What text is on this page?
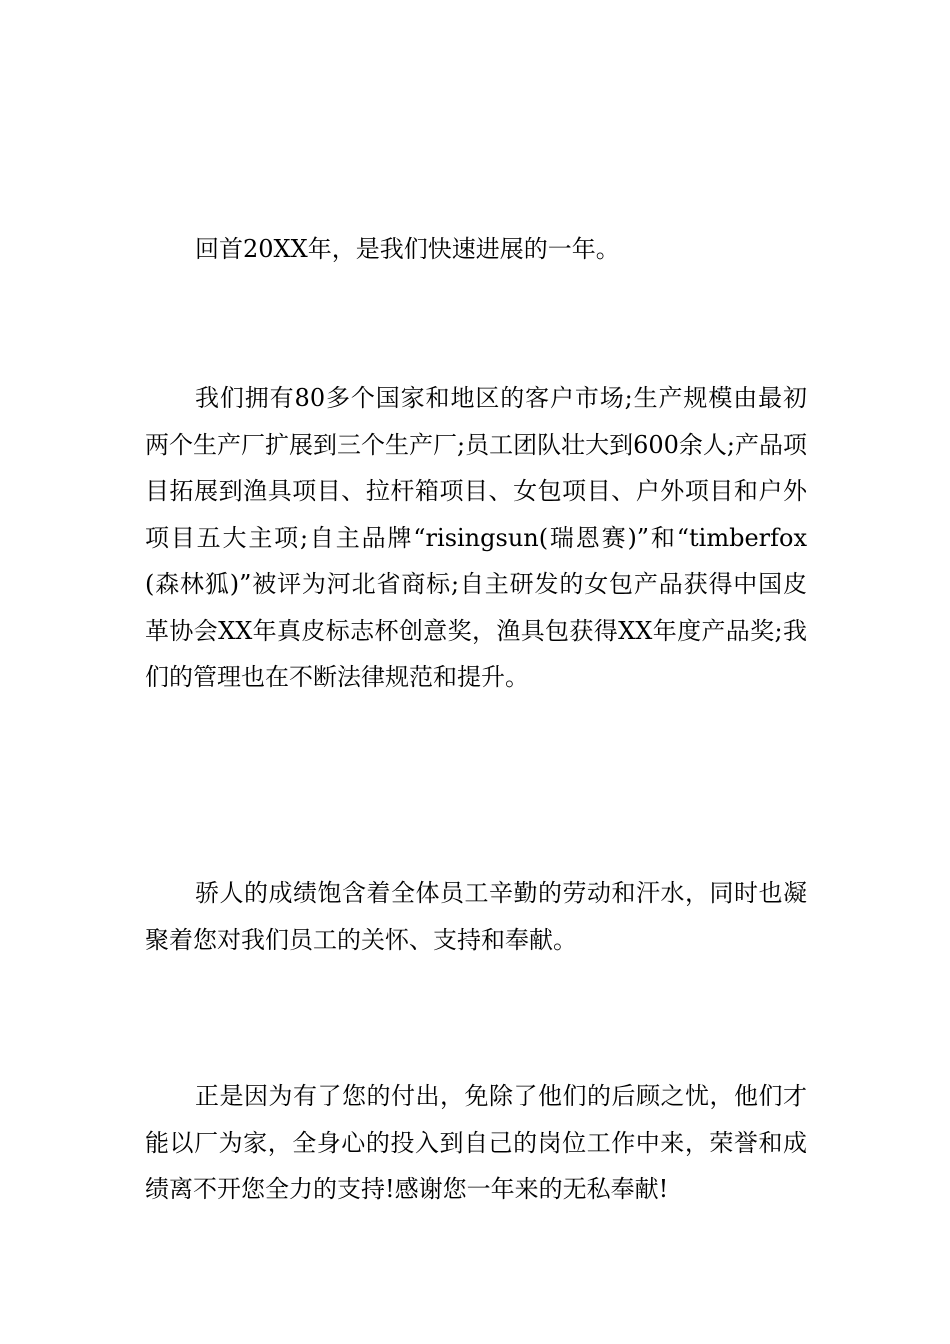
回首20XX年，是我们快速进展的一年。

我们拥有80多个国家和地区的客户市场;生产规模由最初两个生产厂扩展到三个生产厂;员工团队壮大到600余人;产品项目拓展到渔具项目、拉杆箱项目、女包项目、户外项目和户外项目五大主项;自主品牌“risingsun(瑞恩赛)”和“timberfox(森林狐)”被评为河北省商标;自主研发的女包产品获得中国皮革协会XX年真皮标志杯创意奖，渔具包获得XX年度产品奖;我们的管理也在不断法律规范和提升。

骄人的成绩饱含着全体员工辛勤的劳动和汗水，同时也凝聚着您对我们员工的关怀、支持和奉献。

正是因为有了您的付出，免除了他们的后顾之忧，他们才能以厂为家，全身心的投入到自己的岗位工作中来，荣誉和成绩离不开您全力的支持!感谢您一年来的无私奉献!
